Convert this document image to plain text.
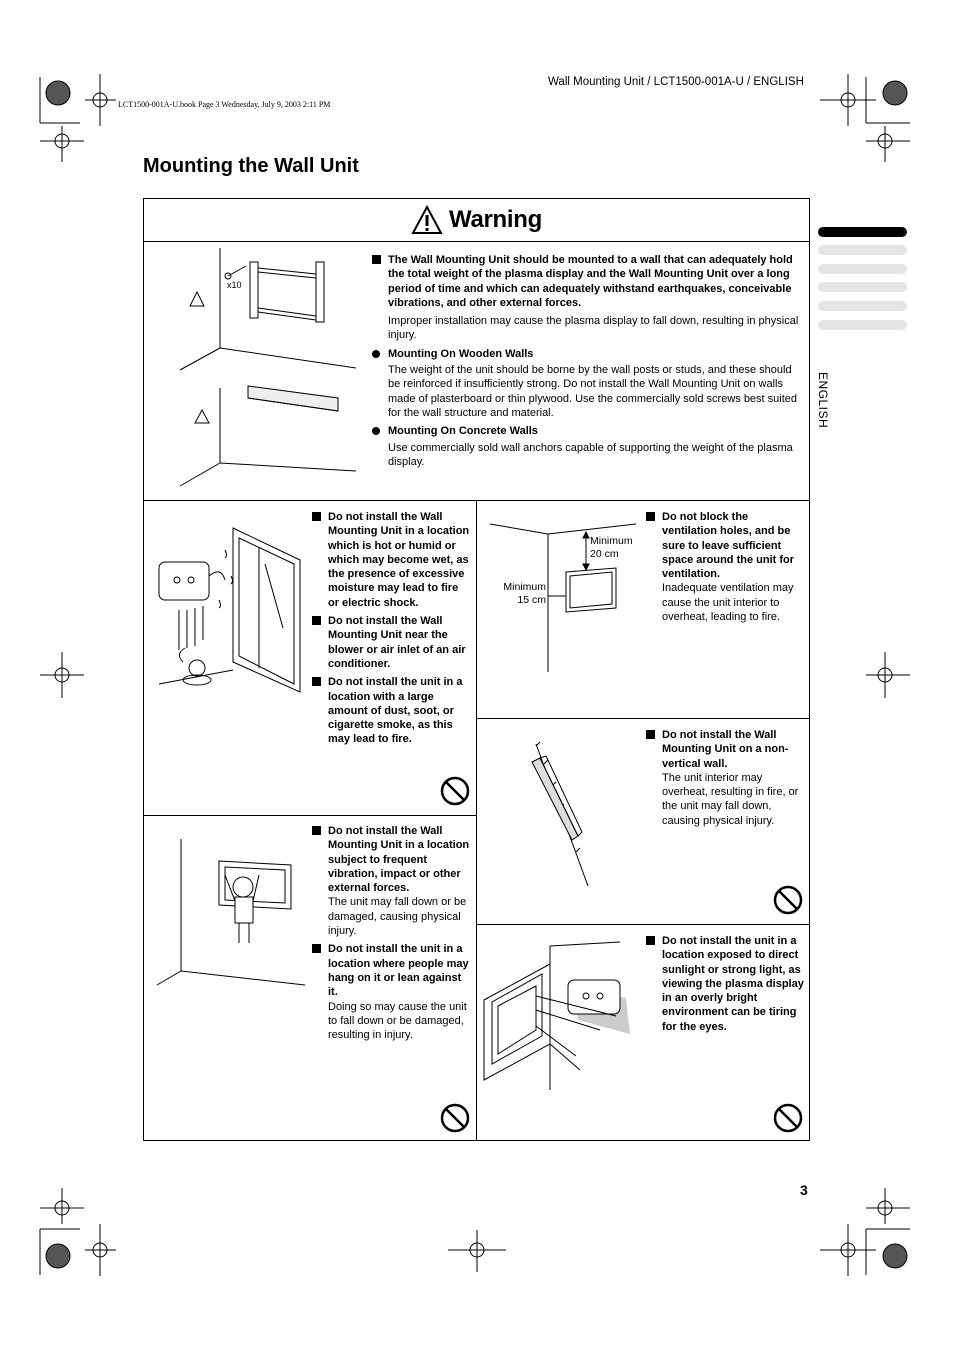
Wall Mounting Unit / LCT1500-001A-U / ENGLISH
LCT1500-001A-U.book Page 3 Wednesday, July 9, 2003 2:11 PM
Mounting the Wall Unit
ENGLISH
Warning
x10

The Wall Mounting Unit should be mounted to a wall that can adequately hold the total weight of the plasma display and the Wall Mounting Unit over a long period of time and which can adequately withstand earthquakes, conceivable vibrations, and other external forces.

Improper installation may cause the plasma display to fall down, resulting in physical injury.

Mounting On Wooden Walls

The weight of the unit should be borne by the wall posts or studs, and these should be reinforced if insufficiently strong. Do not install the Wall Mounting Unit on walls made of plasterboard or thin plywood. Use the commercially sold screws best suited for the wall structure and material.

Mounting On Concrete Walls

Use commercially sold wall anchors capable of supporting the weight of the plasma display.

Do not install the Wall Mounting Unit in a location which is hot or humid or which may become wet, as the presence of excessive moisture may lead to fire or electric shock.

Do not install the Wall Mounting Unit near the blower or air inlet of an air conditioner.

Do not install the unit in a location with a large amount of dust, soot, or cigarette smoke, as this may lead to fire.

Minimum
20 cm
Minimum
15 cm

Do not block the ventilation holes, and be sure to leave sufficient space around the unit for ventilation.

Inadequate ventilation may cause the unit interior to overheat, leading to fire.

Do not install the Wall Mounting Unit on a non-vertical wall.

The unit interior may overheat, resulting in fire, or the unit may fall down, causing physical injury.

Do not install the Wall Mounting Unit in a location subject to frequent vibration, impact or other external forces.

The unit may fall down or be damaged, causing physical injury.

Do not install the unit in a location where people may hang on it or lean against it.

Doing so may cause the unit to fall down or be damaged, resulting in injury.

Do not install the unit in a location exposed to direct sunlight or strong light, as viewing the plasma display in an overly bright environment can be tiring for the eyes.

3
